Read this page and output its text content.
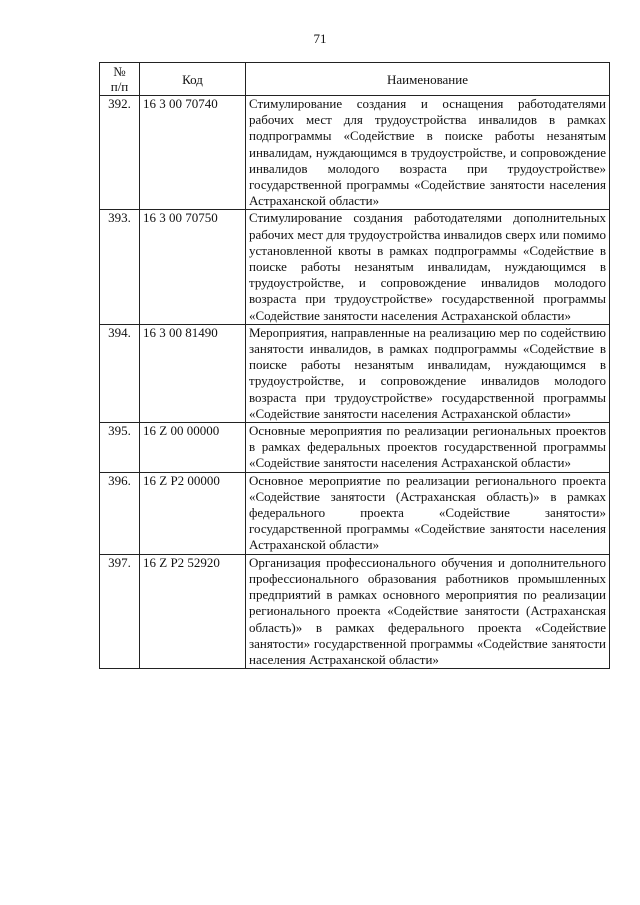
71
№
п/п	Код	Наименование
392.	16 3 00 70740	Стимулирование создания и оснащения работодателями рабочих мест для трудоустройства инвалидов в рамках подпрограммы «Содействие в поиске работы незанятым инвалидам, нуждающимся в трудоустройстве, и сопровождение инвалидов молодого возраста при трудоустройстве» государственной программы «Содействие занятости населения Астраханской области»
393.	16 3 00 70750	Стимулирование создания работодателями дополнительных рабочих мест для трудоустройства инвалидов сверх или помимо установленной квоты в рамках подпрограммы «Содействие в поиске работы незанятым инвалидам, нуждающимся в трудоустройстве, и сопровождение инвалидов молодого возраста при трудоустройстве» государственной программы «Содействие занятости населения Астраханской области»
394.	16 3 00 81490	Мероприятия, направленные на реализацию мер по содействию занятости инвалидов, в рамках подпрограммы «Содействие в поиске работы незанятым инвалидам, нуждающимся в трудоустройстве, и сопровождение инвалидов молодого возраста при трудоустройстве» государственной программы «Содействие занятости населения Астраханской области»
395.	16 Z 00 00000	Основные мероприятия по реализации региональных проектов в рамках федеральных проектов государственной программы «Содействие занятости населения Астраханской области»
396.	16 Z P2 00000	Основное мероприятие по реализации регионального проекта «Содействие занятости (Астраханская область)» в рамках федерального проекта «Содействие занятости» государственной программы «Содействие занятости населения Астраханской области»
397.	16 Z P2 52920	Организация профессионального обучения и дополнительного профессионального образования работников промышленных предприятий в рамках основного мероприятия по реализации регионального проекта «Содействие занятости (Астраханская область)» в рамках федерального проекта «Содействие занятости» государственной программы «Содействие занятости населения Астраханской области»
